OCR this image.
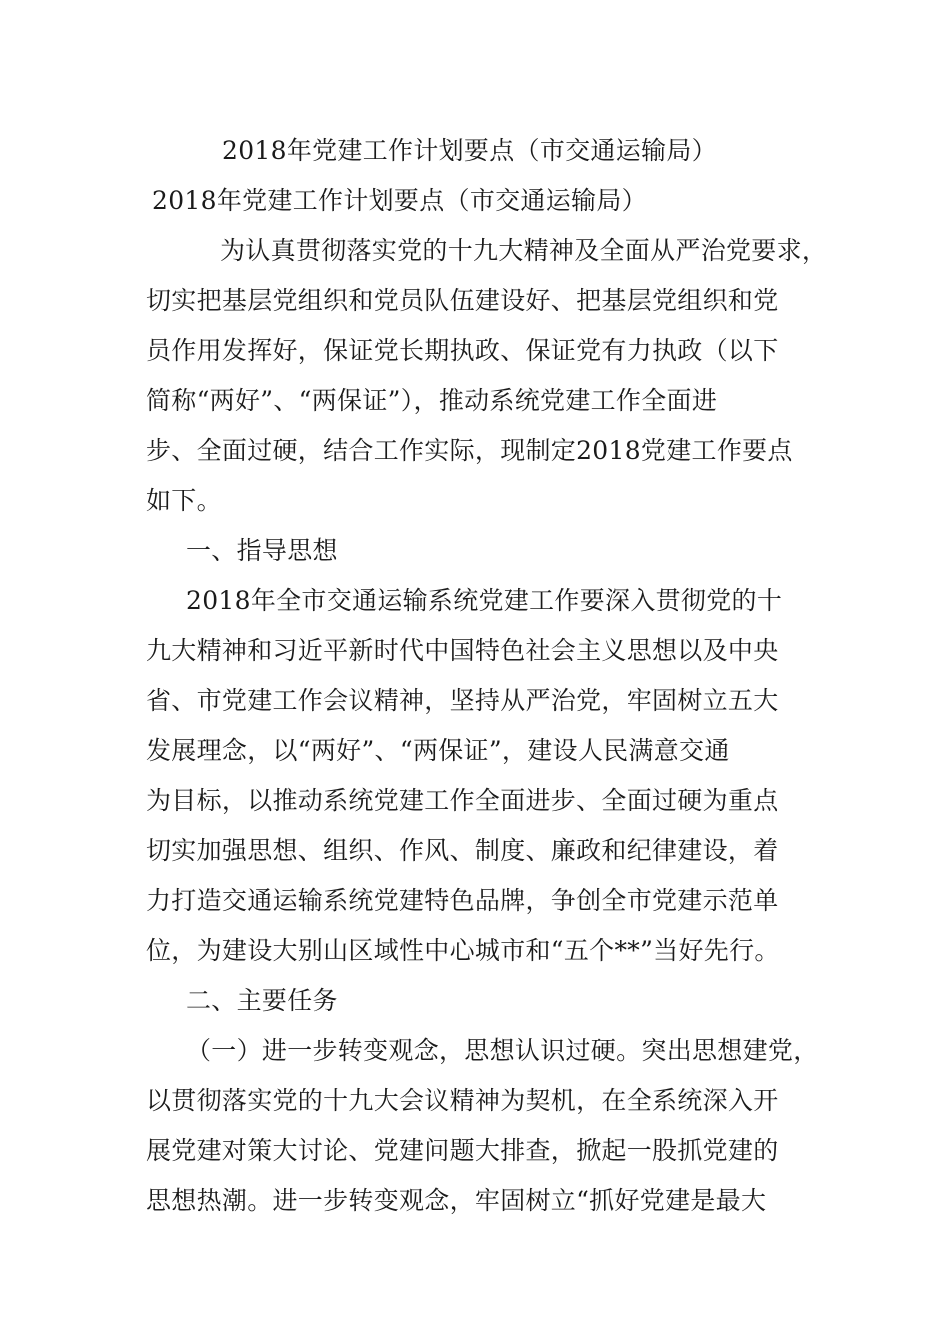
2018年党建工作计划要点（市交通运输局）
2018年党建工作计划要点（市交通运输局）
为认真贯彻落实党的十九大精神及全面从严治党要求，
切实把基层党组织和党员队伍建设好、把基层党组织和党
员作用发挥好，保证党长期执政、保证党有力执政（以下
简称“两好”、“两保证”），推动系统党建工作全面进
步、全面过硬，结合工作实际，现制定2018党建工作要点
如下。
一、指导思想
2018年全市交通运输系统党建工作要深入贯彻党的十
九大精神和习近平新时代中国特色社会主义思想以及中央
省、市党建工作会议精神，坚持从严治党，牢固树立五大
发展理念，以“两好”、“两保证”，建设人民满意交通
为目标，以推动系统党建工作全面进步、全面过硬为重点
切实加强思想、组织、作风、制度、廉政和纪律建设，着
力打造交通运输系统党建特色品牌，争创全市党建示范单
位，为建设大别山区域性中心城市和“五个**”当好先行。
二、主要任务
（一）进一步转变观念，思想认识过硬。突出思想建党，
以贯彻落实党的十九大会议精神为契机，在全系统深入开
展党建对策大讨论、党建问题大排查，掀起一股抓党建的
思想热潮。进一步转变观念，牢固树立“抓好党建是最大
